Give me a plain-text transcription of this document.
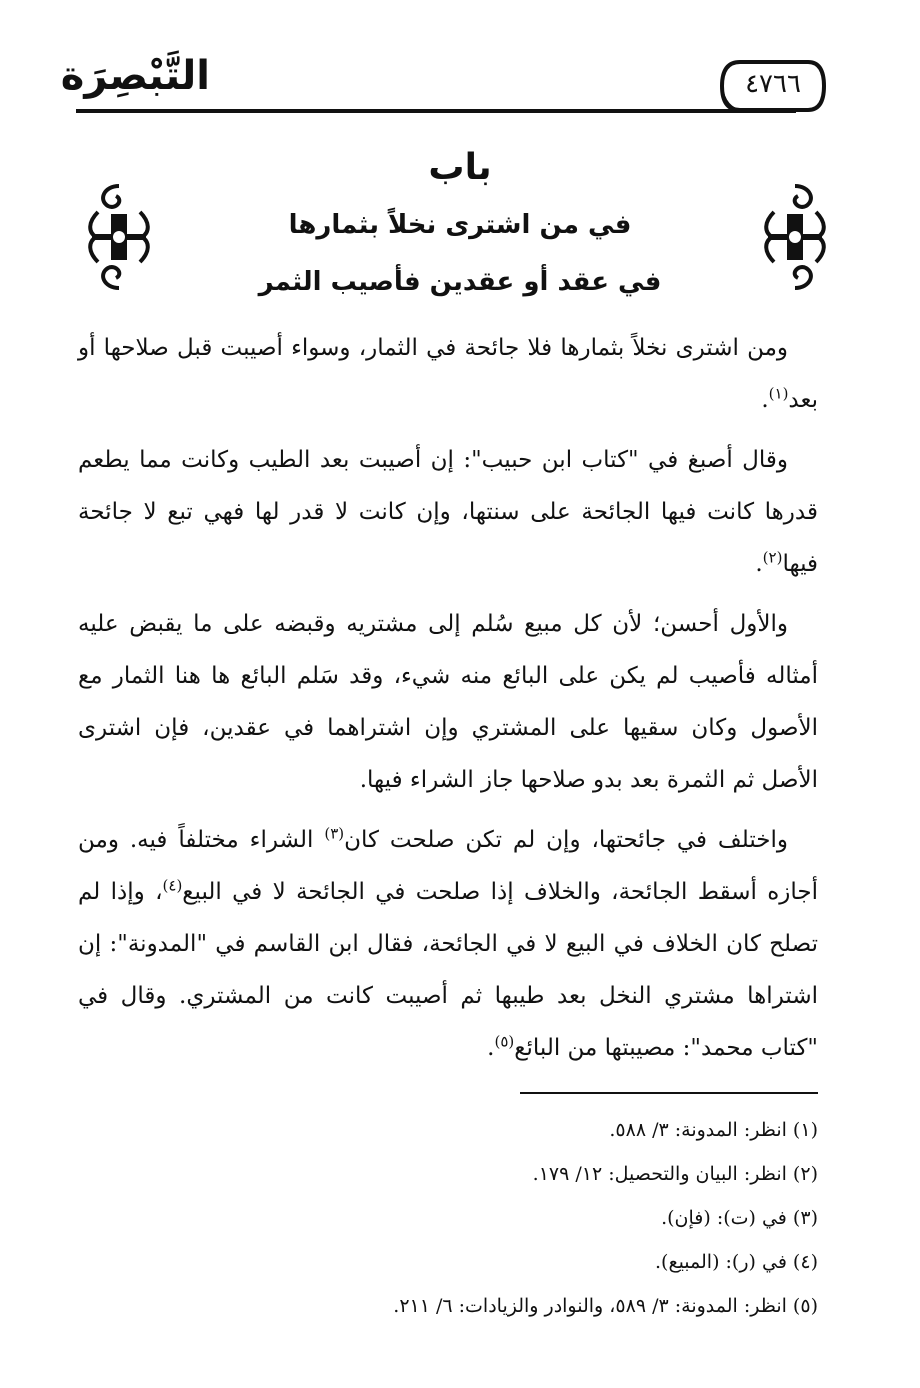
التَّبْصِرَة	٤٧٦٦
باب
في من اشترى نخلاً بثمارها
في عقد أو عقدين فأصيب الثمر

ومن اشترى نخلاً بثمارها فلا جائحة في الثمار، وسواء أصيبت قبل صلاحها أو بعد$^{(١)}$.

وقال أصبغ في "كتاب ابن حبيب": إن أصيبت بعد الطيب وكانت مما يطعم قدرها كانت فيها الجائحة على سنتها، وإن كانت لا قدر لها فهي تبع لا جائحة فيها$^{(٢)}$.

والأول أحسن؛ لأن كل مبيع سُلم إلى مشتريه وقبضه على ما يقبض عليه أمثاله فأصيب لم يكن على البائع منه شيء، وقد سَلم البائع ها هنا الثمار مع الأصول وكان سقيها على المشتري وإن اشتراهما في عقدين، فإن اشترى الأصل ثم الثمرة بعد بدو صلاحها جاز الشراء فيها.

واختلف في جائحتها، وإن لم تكن صلحت كان$^{(٣)}$ الشراء مختلفاً فيه. ومن أجازه أسقط الجائحة، والخلاف إذا صلحت في الجائحة لا في البيع$^{(٤)}$، وإذا لم تصلح كان الخلاف في البيع لا في الجائحة، فقال ابن القاسم في "المدونة": إن اشتراها مشتري النخل بعد طيبها ثم أصيبت كانت من المشتري. وقال في "كتاب محمد": مصيبتها من البائع$^{(٥)}$.

(١) انظر: المدونة: ٣/ ٥٨٨.
(٢) انظر: البيان والتحصيل: ١٢/ ١٧٩.
(٣) في (ت): (فإن).
(٤) في (ر): (المبيع).
(٥) انظر: المدونة: ٣/ ٥٨٩، والنوادر والزيادات: ٦/ ٢١١.
